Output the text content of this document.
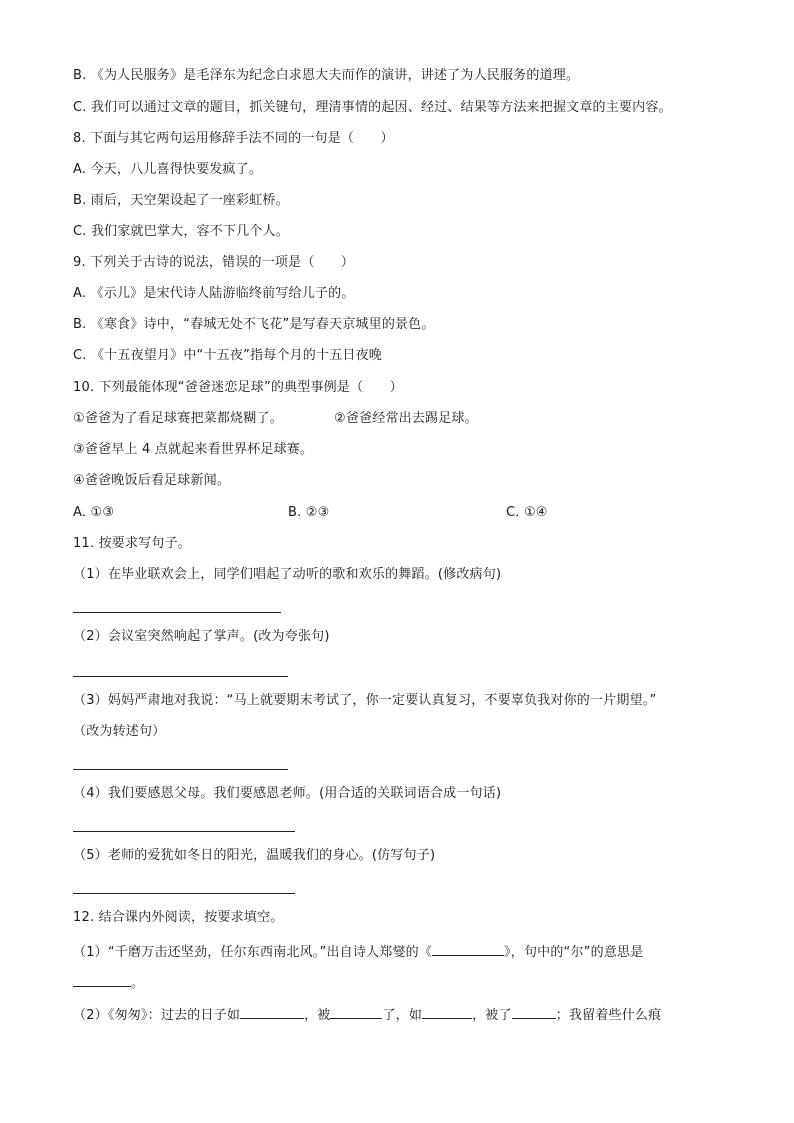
B. 《为人民服务》是毛泽东为纪念白求恩大夫而作的演讲，讲述了为人民服务的道理。
C. 我们可以通过文章的题目，抓关键句，理清事情的起因、经过、结果等方法来把握文章的主要内容。
8. 下面与其它两句运用修辞手法不同的一句是（　　）
A. 今天，八儿喜得快要发疯了。
B. 雨后，天空架设起了一座彩虹桥。
C. 我们家就巴掌大，容不下几个人。
9. 下列关于古诗的说法，错误的一项是（　　）
A. 《示儿》是宋代诗人陆游临终前写给儿子的。
B. 《寒食》诗中，“春城无处不飞花”是写春天京城里的景色。
C. 《十五夜望月》中“十五夜”指每个月的十五日夜晚
10. 下列最能体现“爸爸迷恋足球”的典型事例是（　　）
①爸爸为了看足球赛把菜都烧糊了。	②爸爸经常出去踢足球。
③爸爸早上 4 点就起来看世界杯足球赛。
④爸爸晚饭后看足球新闻。
A. ①③	B. ②③	C. ①④
11. 按要求写句子。
（1）在毕业联欢会上，同学们唱起了动听的歌和欢乐的舞蹈。(修改病句)
（2）会议室突然响起了掌声。(改为夸张句)
（3）妈妈严肃地对我说：“马上就要期末考试了，你一定要认真复习，不要辜负我对你的一片期望。”
（改为转述句）
（4）我们要感恩父母。我们要感恩老师。(用合适的关联词语合成一句话)
（5）老师的爱犹如冬日的阳光，温暖我们的身心。(仿写句子)
12. 结合课内外阅读，按要求填空。
（1）“千磨万击还坚劲，任尔东西南北风。”出自诗人郑燮的《	》，句中的“尔”的意思是
。
（2）《匆匆》：过去的日子如	，被	了，如	，被了	；我留着些什么痕
